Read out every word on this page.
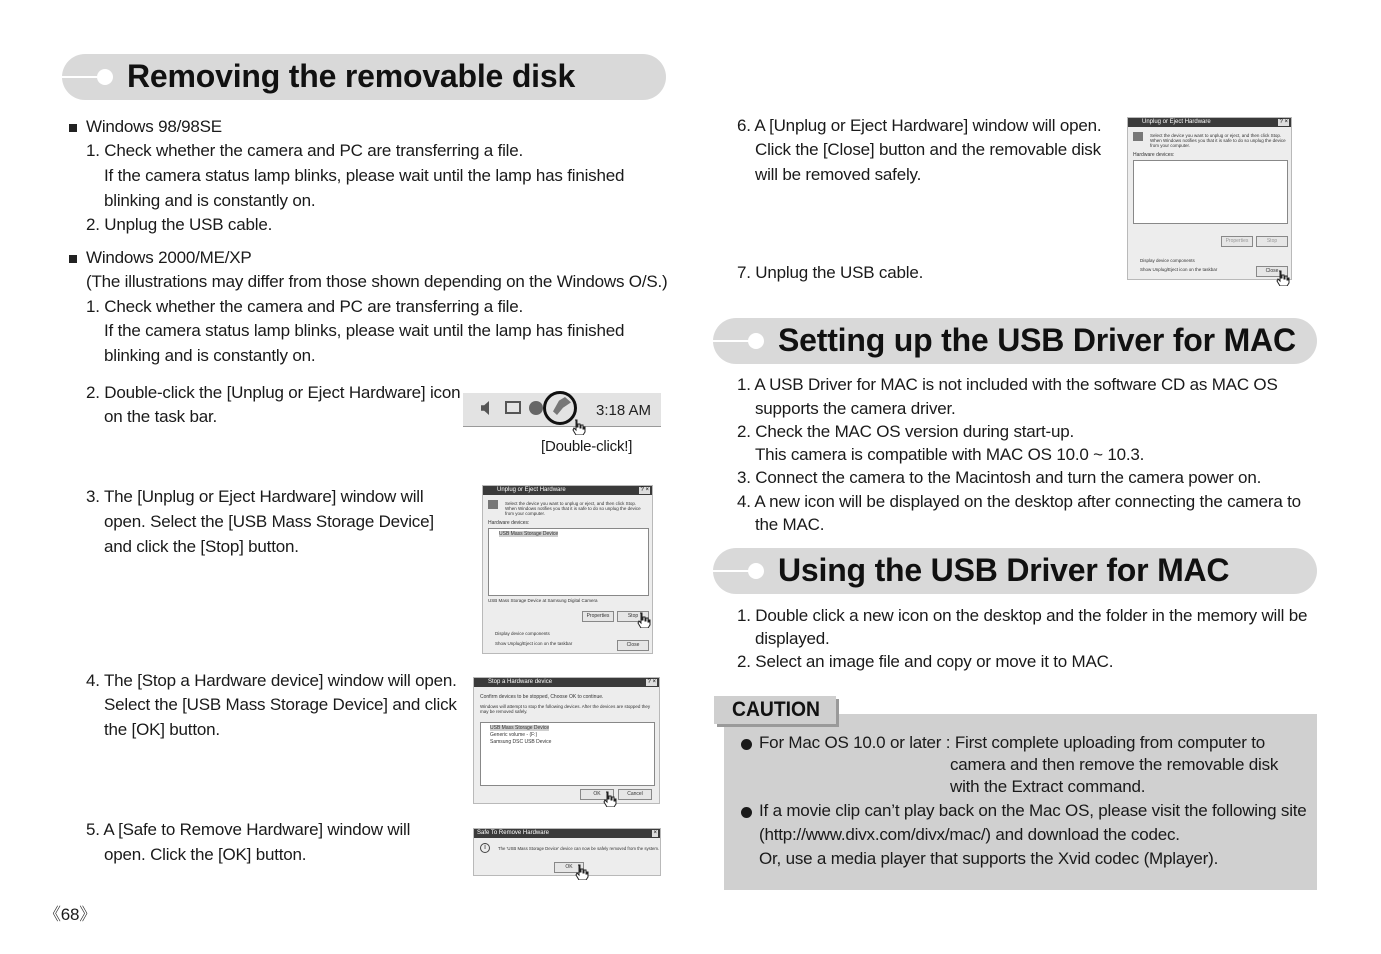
Removing the removable disk
Windows 98/98SE
1. Check whether the camera and PC are transferring a file.
If the camera status lamp blinks, please wait until the lamp has finished
blinking and is constantly on.
2. Unplug the USB cable.
Windows 2000/ME/XP
(The illustrations may differ from those shown depending on the Windows O/S.)
1. Check whether the camera and PC are transferring a file.
If the camera status lamp blinks, please wait until the lamp has finished
blinking and is constantly on.
2. Double-click the [Unplug or Eject Hardware] icon
on the task bar.	3:18 AM
[Double-click!]
3. The [Unplug or Eject Hardware] window will
open. Select the [USB Mass Storage Device]
and click the [Stop] button.
Unplug or Eject Hardware	? ×
Select the device you want to unplug or eject, and then click Stop. When Windows notifies you that it is safe to do so unplug the device from your computer.
Hardware devices:
USB Mass Storage Device
USB Mass Storage Device at Samsung Digital Camera
Properties	Stop
Display device components
Show Unplug/Eject icon on the taskbar	Close
4. The [Stop a Hardware device] window will open.
Select the [USB Mass Storage Device] and click
the [OK] button.
Stop a Hardware device	? ×
Confirm devices to be stopped, Choose OK to continue.
Windows will attempt to stop the following devices. After the devices are stopped they may be removed safely.
USB Mass Storage Device
Generic volume - (F:)
Samsung DSC USB Device
OK	Cancel
5. A [Safe to Remove Hardware] window will
open. Click the [OK] button.
Safe To Remove Hardware	×
i	The 'USB Mass Storage Device' device can now be safely removed from the system.
OK
《68》
6. A [Unplug or Eject Hardware] window will open.
Click the [Close] button and the removable disk
will be removed safely.
Unplug or Eject Hardware	? ×
Select the device you want to unplug or eject, and then click Stop. When Windows notifies you that it is safe to do so unplug the device from your computer.
Hardware devices:
Properties	Stop
Display device components
Show Unplug/Eject icon on the taskbar	Close
7. Unplug the USB cable.
Setting up the USB Driver for MAC
1. A USB Driver for MAC is not included with the software CD as MAC OS
supports the camera driver.
2. Check the MAC OS version during start-up.
This camera is compatible with MAC OS 10.0 ~ 10.3.
3. Connect the camera to the Macintosh and turn the camera power on.
4. A new icon will be displayed on the desktop after connecting the camera to
the MAC.
Using the USB Driver for MAC
1. Double click a new icon on the desktop and the folder in the memory will be
displayed.
2. Select an image file and copy or move it to MAC.
CAUTION
For Mac OS 10.0 or later : First complete uploading from computer to
camera and then remove the removable disk
with the Extract command.
If a movie clip can’t play back on the Mac OS, please visit the following site
(http://www.divx.com/divx/mac/) and download the codec.
Or, use a media player that supports the Xvid codec (Mplayer).
